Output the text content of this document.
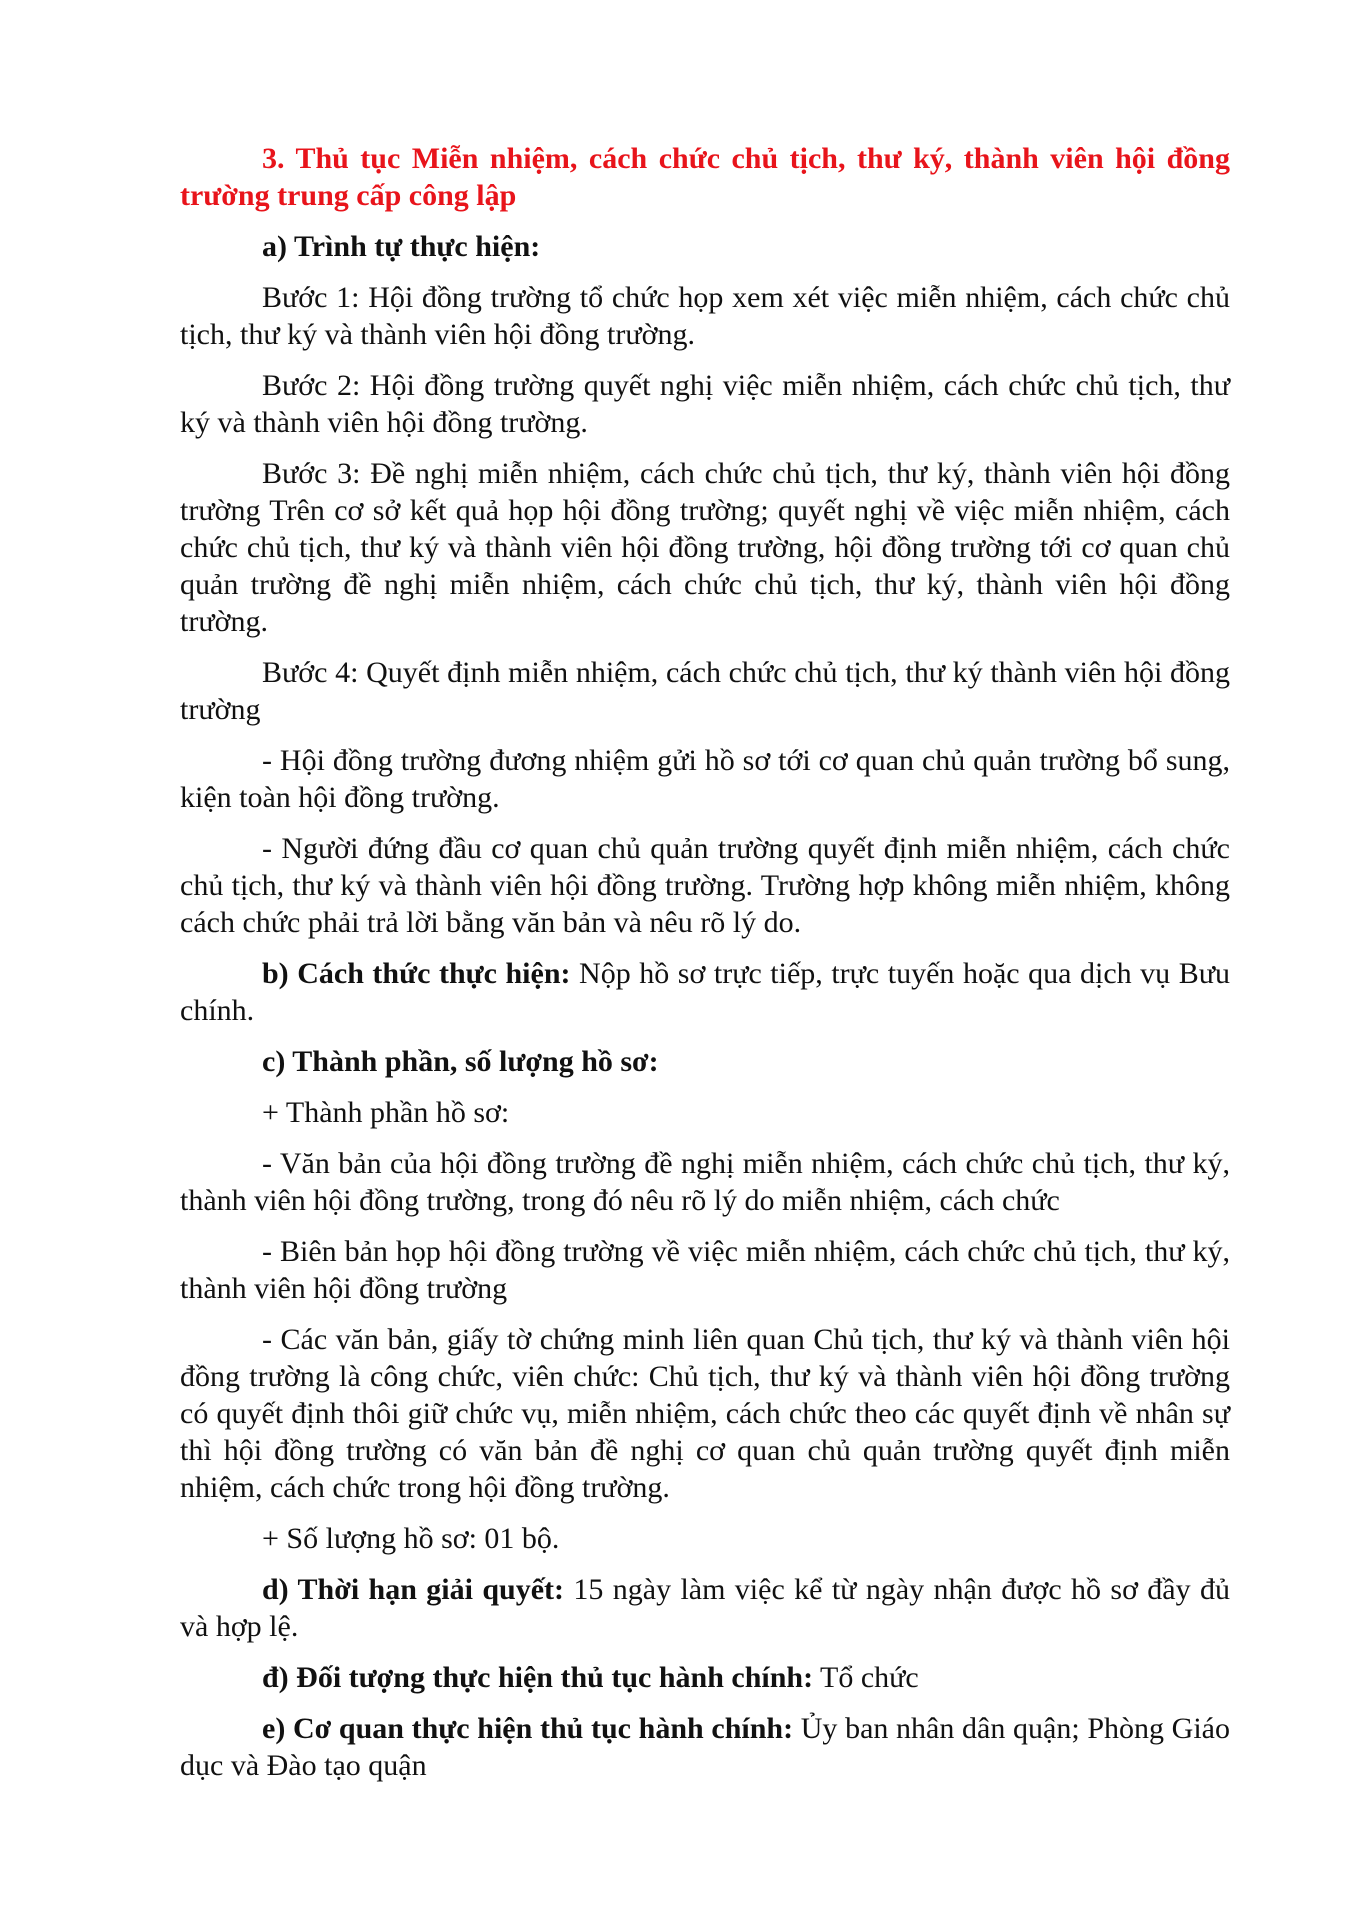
3. Thủ tục Miễn nhiệm, cách chức chủ tịch, thư ký, thành viên hội đồng trường trung cấp công lập

a) Trình tự thực hiện:

Bước 1: Hội đồng trường tổ chức họp xem xét việc miễn nhiệm, cách chức chủ tịch, thư ký và thành viên hội đồng trường.

Bước 2: Hội đồng trường quyết nghị việc miễn nhiệm, cách chức chủ tịch, thư ký và thành viên hội đồng trường.

Bước 3: Đề nghị miễn nhiệm, cách chức chủ tịch, thư ký, thành viên hội đồng trường Trên cơ sở kết quả họp hội đồng trường; quyết nghị về việc miễn nhiệm, cách chức chủ tịch, thư ký và thành viên hội đồng trường, hội đồng trường tới cơ quan chủ quản trường đề nghị miễn nhiệm, cách chức chủ tịch, thư ký, thành viên hội đồng trường.

Bước 4: Quyết định miễn nhiệm, cách chức chủ tịch, thư ký thành viên hội đồng trường

- Hội đồng trường đương nhiệm gửi hồ sơ tới cơ quan chủ quản trường bổ sung, kiện toàn hội đồng trường.

- Người đứng đầu cơ quan chủ quản trường quyết định miễn nhiệm, cách chức chủ tịch, thư ký và thành viên hội đồng trường. Trường hợp không miễn nhiệm, không cách chức phải trả lời bằng văn bản và nêu rõ lý do.

b) Cách thức thực hiện: Nộp hồ sơ trực tiếp, trực tuyến hoặc qua dịch vụ Bưu chính.

c) Thành phần, số lượng hồ sơ:

+ Thành phần hồ sơ:

- Văn bản của hội đồng trường đề nghị miễn nhiệm, cách chức chủ tịch, thư ký, thành viên hội đồng trường, trong đó nêu rõ lý do miễn nhiệm, cách chức

- Biên bản họp hội đồng trường về việc miễn nhiệm, cách chức chủ tịch, thư ký, thành viên hội đồng trường

- Các văn bản, giấy tờ chứng minh liên quan Chủ tịch, thư ký và thành viên hội đồng trường là công chức, viên chức: Chủ tịch, thư ký và thành viên hội đồng trường có quyết định thôi giữ chức vụ, miễn nhiệm, cách chức theo các quyết định về nhân sự thì hội đồng trường có văn bản đề nghị cơ quan chủ quản trường quyết định miễn nhiệm, cách chức trong hội đồng trường.

+ Số lượng hồ sơ: 01 bộ.

d) Thời hạn giải quyết: 15 ngày làm việc kể từ ngày nhận được hồ sơ đầy đủ và hợp lệ.

đ) Đối tượng thực hiện thủ tục hành chính: Tổ chức

e) Cơ quan thực hiện thủ tục hành chính: Ủy ban nhân dân quận; Phòng Giáo dục và Đào tạo quận
